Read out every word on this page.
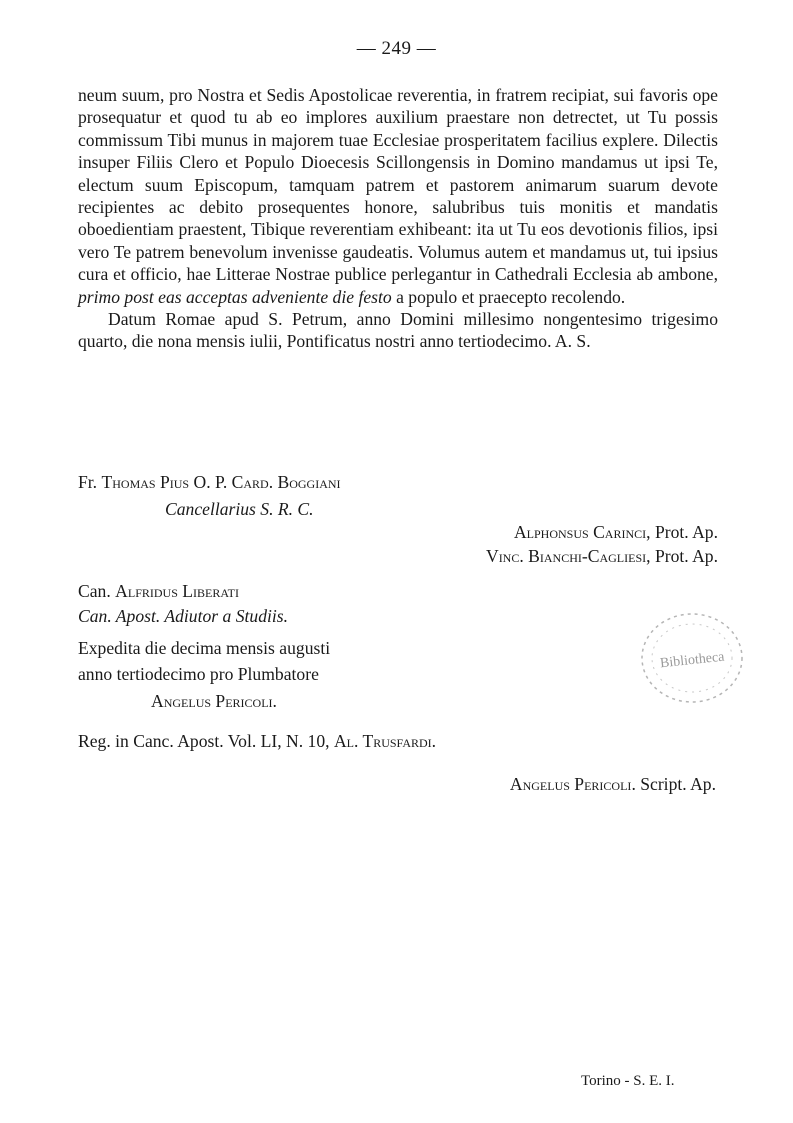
— 249 —

neum suum, pro Nostra et Sedis Apostolicae reverentia, in fratrem recipiat, sui favoris ope prosequatur et quod tu ab eo implores auxilium praestare non detrectet, ut Tu possis commissum Tibi munus in majorem tuae Ecclesiae prosperitatem facilius explere. Dilectis insuper Filiis Clero et Populo Dioecesis Scillongensis in Domino mandamus ut ipsi Te, electum suum Episcopum, tamquam patrem et pastorem animarum suarum devote recipientes ac debito prosequentes honore, salubribus tuis monitis et mandatis oboedientiam praestent, Tibique reverentiam exhibeant: ita ut Tu eos devotionis filios, ipsi vero Te patrem benevolum invenisse gaudeatis. Volumus autem et mandamus ut, tui ipsius cura et officio, hae Litterae Nostrae publice perlegantur in Cathedrali Ecclesia ab ambone, primo post eas acceptas adveniente die festo a populo et praecepto recolendo.

Datum Romae apud S. Petrum, anno Domini millesimo nongentesimo trigesimo quarto, die nona mensis iulii, Pontificatus nostri anno tertiodecimo. A. S.

Fr. Thomas Pius O. P. Card. Boggiani
Cancellarius S. R. C.
Alphonsus Carinci, Prot. Ap.
Vinc. Bianchi-Cagliesi, Prot. Ap.
Can. Alfridus Liberati
Can. Apost. Adiutor a Studiis.
Expedita die decima mensis augusti
anno tertiodecimo pro Plumbatore
Angelus Pericoli.
Reg. in Canc. Apost. Vol. LI, N. 10, Al. Trusfardi.
Angelus Pericoli. Script. Ap.
Bibliotheca
Torino - S. E. I.
